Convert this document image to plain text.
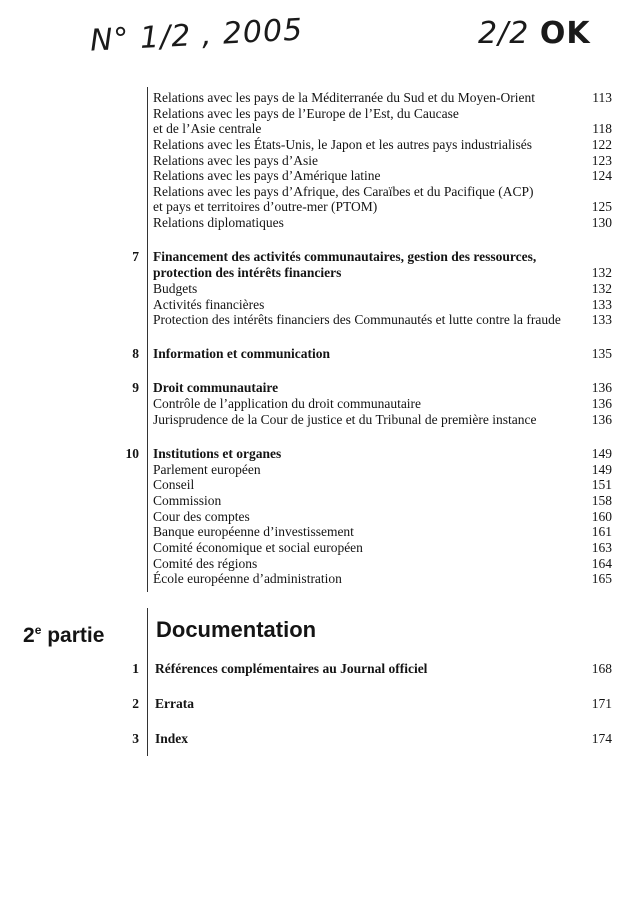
N° 1/2 , 2005	2/2 OK
Relations avec les pays de la Méditerranée du Sud et du Moyen-Orient	113
Relations avec les pays de l’Europe de l’Est, du Caucase
et de l’Asie centrale	118
Relations avec les États-Unis, le Japon et les autres pays industrialisés	122
Relations avec les pays d’Asie	123
Relations avec les pays d’Amérique latine	124
Relations avec les pays d’Afrique, des Caraïbes et du Pacifique (ACP)
et pays et territoires d’outre-mer (PTOM)	125
Relations diplomatiques	130
7 Financement des activités communautaires, gestion des ressources,
protection des intérêts financiers	132
Budgets	132
Activités financières	133
Protection des intérêts financiers des Communautés et lutte contre la fraude 133
8 Information et communication	135
9 Droit communautaire	136
Contrôle de l’application du droit communautaire	136
Jurisprudence de la Cour de justice et du Tribunal de première instance	136
10 Institutions et organes	149
Parlement européen	149
Conseil	151
Commission	158
Cour des comptes	160
Banque européenne d’investissement	161
Comité économique et social européen	163
Comité des régions	164
École européenne d’administration	165
2e partie Documentation
1 Références complémentaires au Journal officiel	168
2 Errata	171
3 Index	174
